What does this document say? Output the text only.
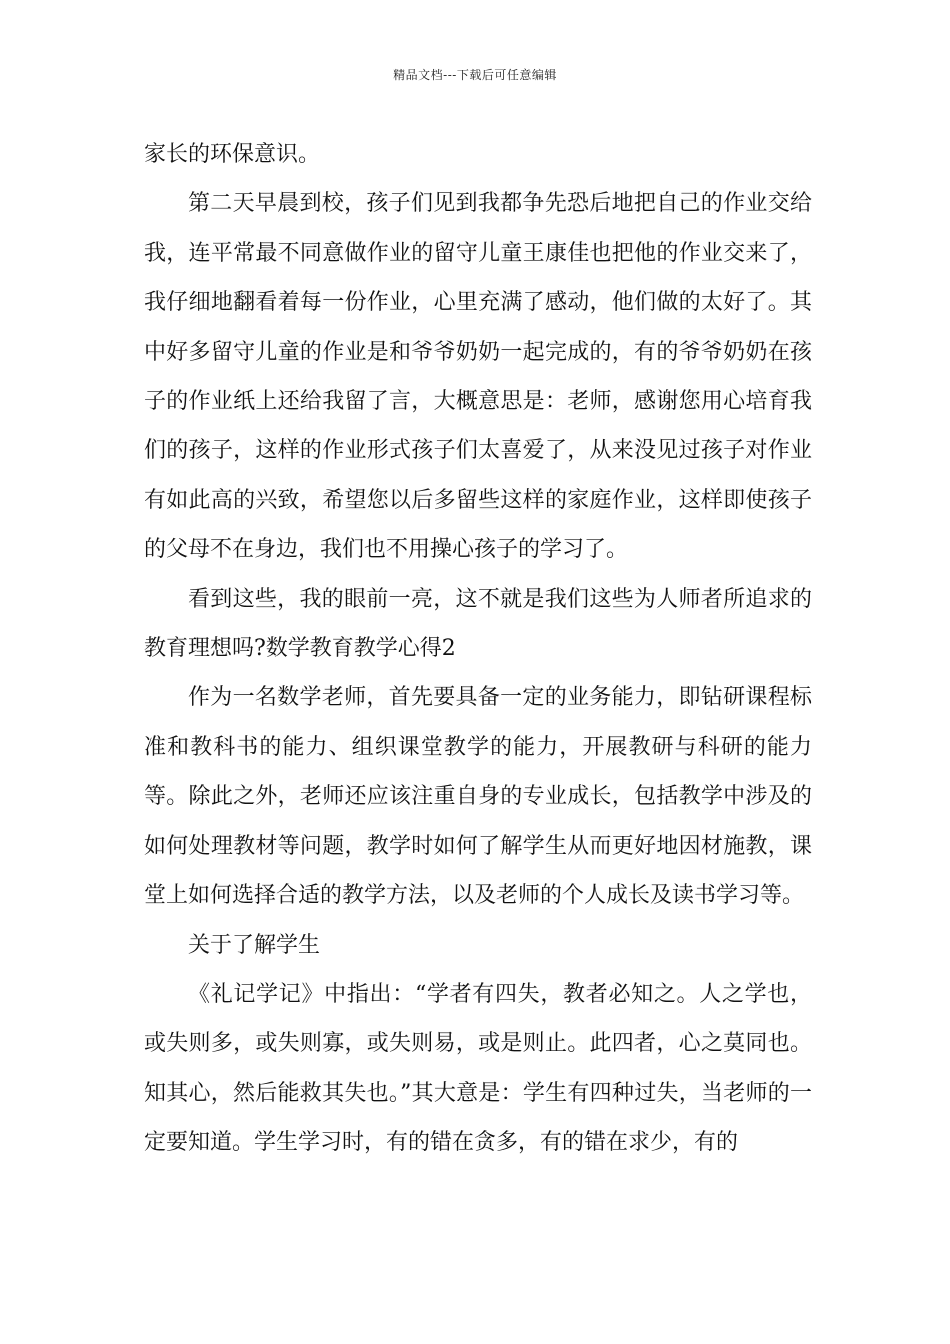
精品文档---下载后可任意编辑

家长的环保意识。

第二天早晨到校，孩子们见到我都争先恐后地把自己的作业交给我，连平常最不同意做作业的留守儿童王康佳也把他的作业交来了，我仔细地翻看着每一份作业，心里充满了感动，他们做的太好了。其中好多留守儿童的作业是和爷爷奶奶一起完成的，有的爷爷奶奶在孩子的作业纸上还给我留了言，大概意思是：老师，感谢您用心培育我们的孩子，这样的作业形式孩子们太喜爱了，从来没见过孩子对作业有如此高的兴致，希望您以后多留些这样的家庭作业，这样即使孩子的父母不在身边，我们也不用操心孩子的学习了。

看到这些，我的眼前一亮，这不就是我们这些为人师者所追求的教育理想吗?数学教育教学心得2

作为一名数学老师，首先要具备一定的业务能力，即钻研课程标准和教科书的能力、组织课堂教学的能力，开展教研与科研的能力等。除此之外，老师还应该注重自身的专业成长，包括教学中涉及的如何处理教材等问题，教学时如何了解学生从而更好地因材施教，课堂上如何选择合适的教学方法，以及老师的个人成长及读书学习等。

关于了解学生

《礼记学记》中指出：“学者有四失，教者必知之。人之学也，或失则多，或失则寡，或失则易，或是则止。此四者，心之莫同也。知其心，然后能救其失也。”其大意是：学生有四种过失，当老师的一定要知道。学生学习时，有的错在贪多，有的错在求少，有的
